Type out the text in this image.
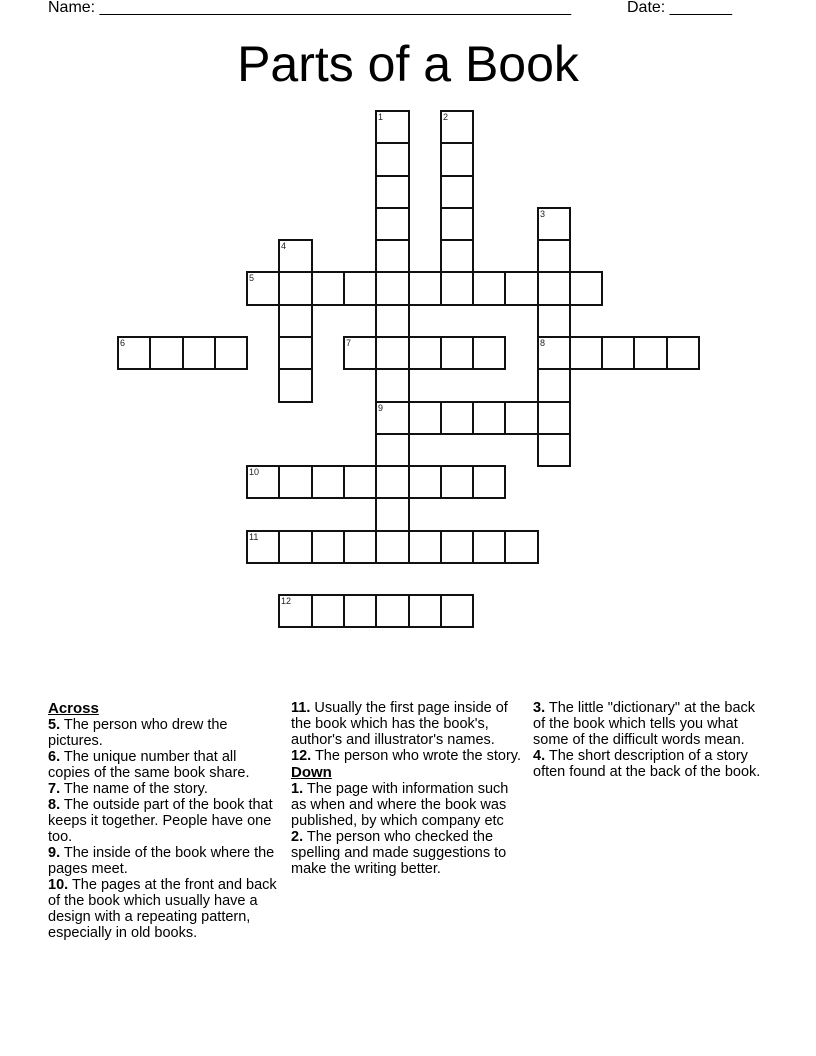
Name: _____________________________________________________	Date: _______
Parts of a Book
1
9
2
3
8
4
5
6	7
10
11
12
Across

5. The person who drew the pictures.

6. The unique number that all copies of the same book share.

7. The name of the story.

8. The outside part of the book that keeps it together. People have one too.

9. The inside of the book where the pages meet.

10. The pages at the front and back of the book which usually have a design with a repeating pattern, especially in old books.

11. Usually the first page inside of the book which has the book's, author's and illustrator's names.

12. The person who wrote the story.

Down

1. The page with information such as when and where the book was published, by which company etc

2. The person who checked the spelling and made suggestions to make the writing better.

3. The little "dictionary" at the back of the book which tells you what some of the difficult words mean.

4. The short description of a story often found at the back of the book.
